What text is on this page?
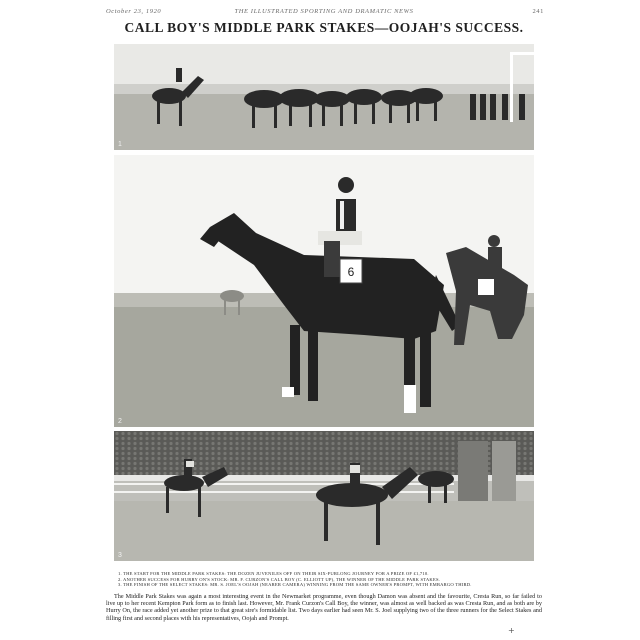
October 23, 1920	THE ILLUSTRATED SPORTING AND DRAMATIC NEWS	241
CALL BOY'S MIDDLE PARK STAKES—OOJAH'S SUCCESS.
1
6
2
3
1. THE START FOR THE MIDDLE PARK STAKES: THE DOZEN JUVENILES OFF ON THEIR SIX-FURLONG JOURNEY FOR A PRIZE OF £1,710.
2. ANOTHER SUCCESS FOR HURRY ON'S STOCK: MR. F. CURZON'S CALL BOY (C. ELLIOTT UP), THE WINNER OF THE MIDDLE PARK STAKES.
3. THE FINISH OF THE SELECT STAKES: MR. S. JOEL'S OOJAH (NEARER CAMERA) WINNING FROM THE SAME OWNER'S PROMPT, WITH EMBARGO THIRD.
The Middle Park Stakes was again a most interesting event in the Newmarket programme, even though Damon was absent and the favourite, Cresta Run, so far failed to live up to her recent Kempton Park form as to finish last. However, Mr. Frank Curzon's Call Boy, the winner, was almost as well backed as was Cresta Run, and as both are by Hurry On, the race added yet another prize to that great sire's formidable list. Two days earlier had seen Mr. S. Joel supplying two of the three runners for the Select Stakes and filling first and second places with his representatives, Oojah and Prompt.
+
